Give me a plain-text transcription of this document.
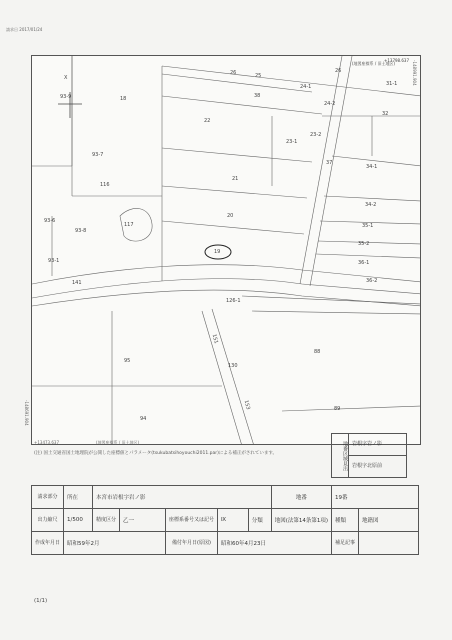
請求日 2017/01/24
(地図座標系 / 旧土地区)
+13798.637
X
26	25
26
24-1	31-1
38
24-2
18
32
22
23-2
93-9
23-1
93-7
37
34-1
21
116
34-2
93-6
20
117	35-1
93-8
19
35-2
93-1	36-1
36-2
141
126-1
151
88
95
130
153	89
94
-148991.904
-148691.904
+13473.637	(地図座標系 / 旧土地区)
(注) 国土交通省国土地理院が公開した座標値とパラメータ(tsukubatsihoyouchi2011.par)による補正がされています。	地番区域見出 岩根字岩ノ影
岩根字北原前
請求部分	所在	本宮市岩根字岩ノ影					地番	19番	
出力縮尺	1/500	精度区分	乙一	座標系番号又は記号	Ⅸ	分類	地図(法第14条第1項)	種類	地籍図
作成年月日	昭和59年2月			備付年月日(原図)	昭和60年4月23日			補足記事	
(1/1)
